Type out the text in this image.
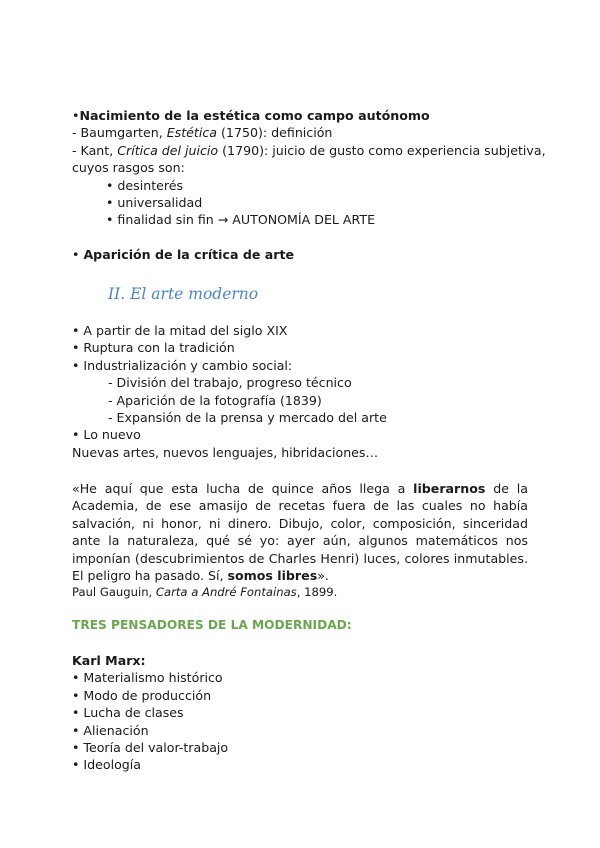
•Nacimiento de la estética como campo autónomo
- Baumgarten, Estética (1750): definición
- Kant, Crítica del juicio (1790): juicio de gusto como experiencia subjetiva,
cuyos rasgos son:
• desinterés
• universalidad
• finalidad sin fin → AUTONOMÍA DEL ARTE
• Aparición de la crítica de arte
II. El arte moderno
• A partir de la mitad del siglo XIX
• Ruptura con la tradición
• Industrialización y cambio social:
- División del trabajo, progreso técnico
- Aparición de la fotografía (1839)
- Expansión de la prensa y mercado del arte
• Lo nuevo
Nuevas artes, nuevos lenguajes, hibridaciones…
«He aquí que esta lucha de quince años llega a liberarnos de la Academia, de ese amasijo de recetas fuera de las cuales no había salvación, ni honor, ni dinero. Dibujo, color, composición, sinceridad ante la naturaleza, qué sé yo: ayer aún, algunos matemáticos nos imponían (descubrimientos de Charles Henri) luces, colores inmutables. El peligro ha pasado. Sí, somos libres».
Paul Gauguin, Carta a André Fontainas, 1899.
TRES PENSADORES DE LA MODERNIDAD:
Karl Marx:
• Materialismo histórico
• Modo de producción
• Lucha de clases
• Alienación
• Teoría del valor-trabajo
• Ideología
